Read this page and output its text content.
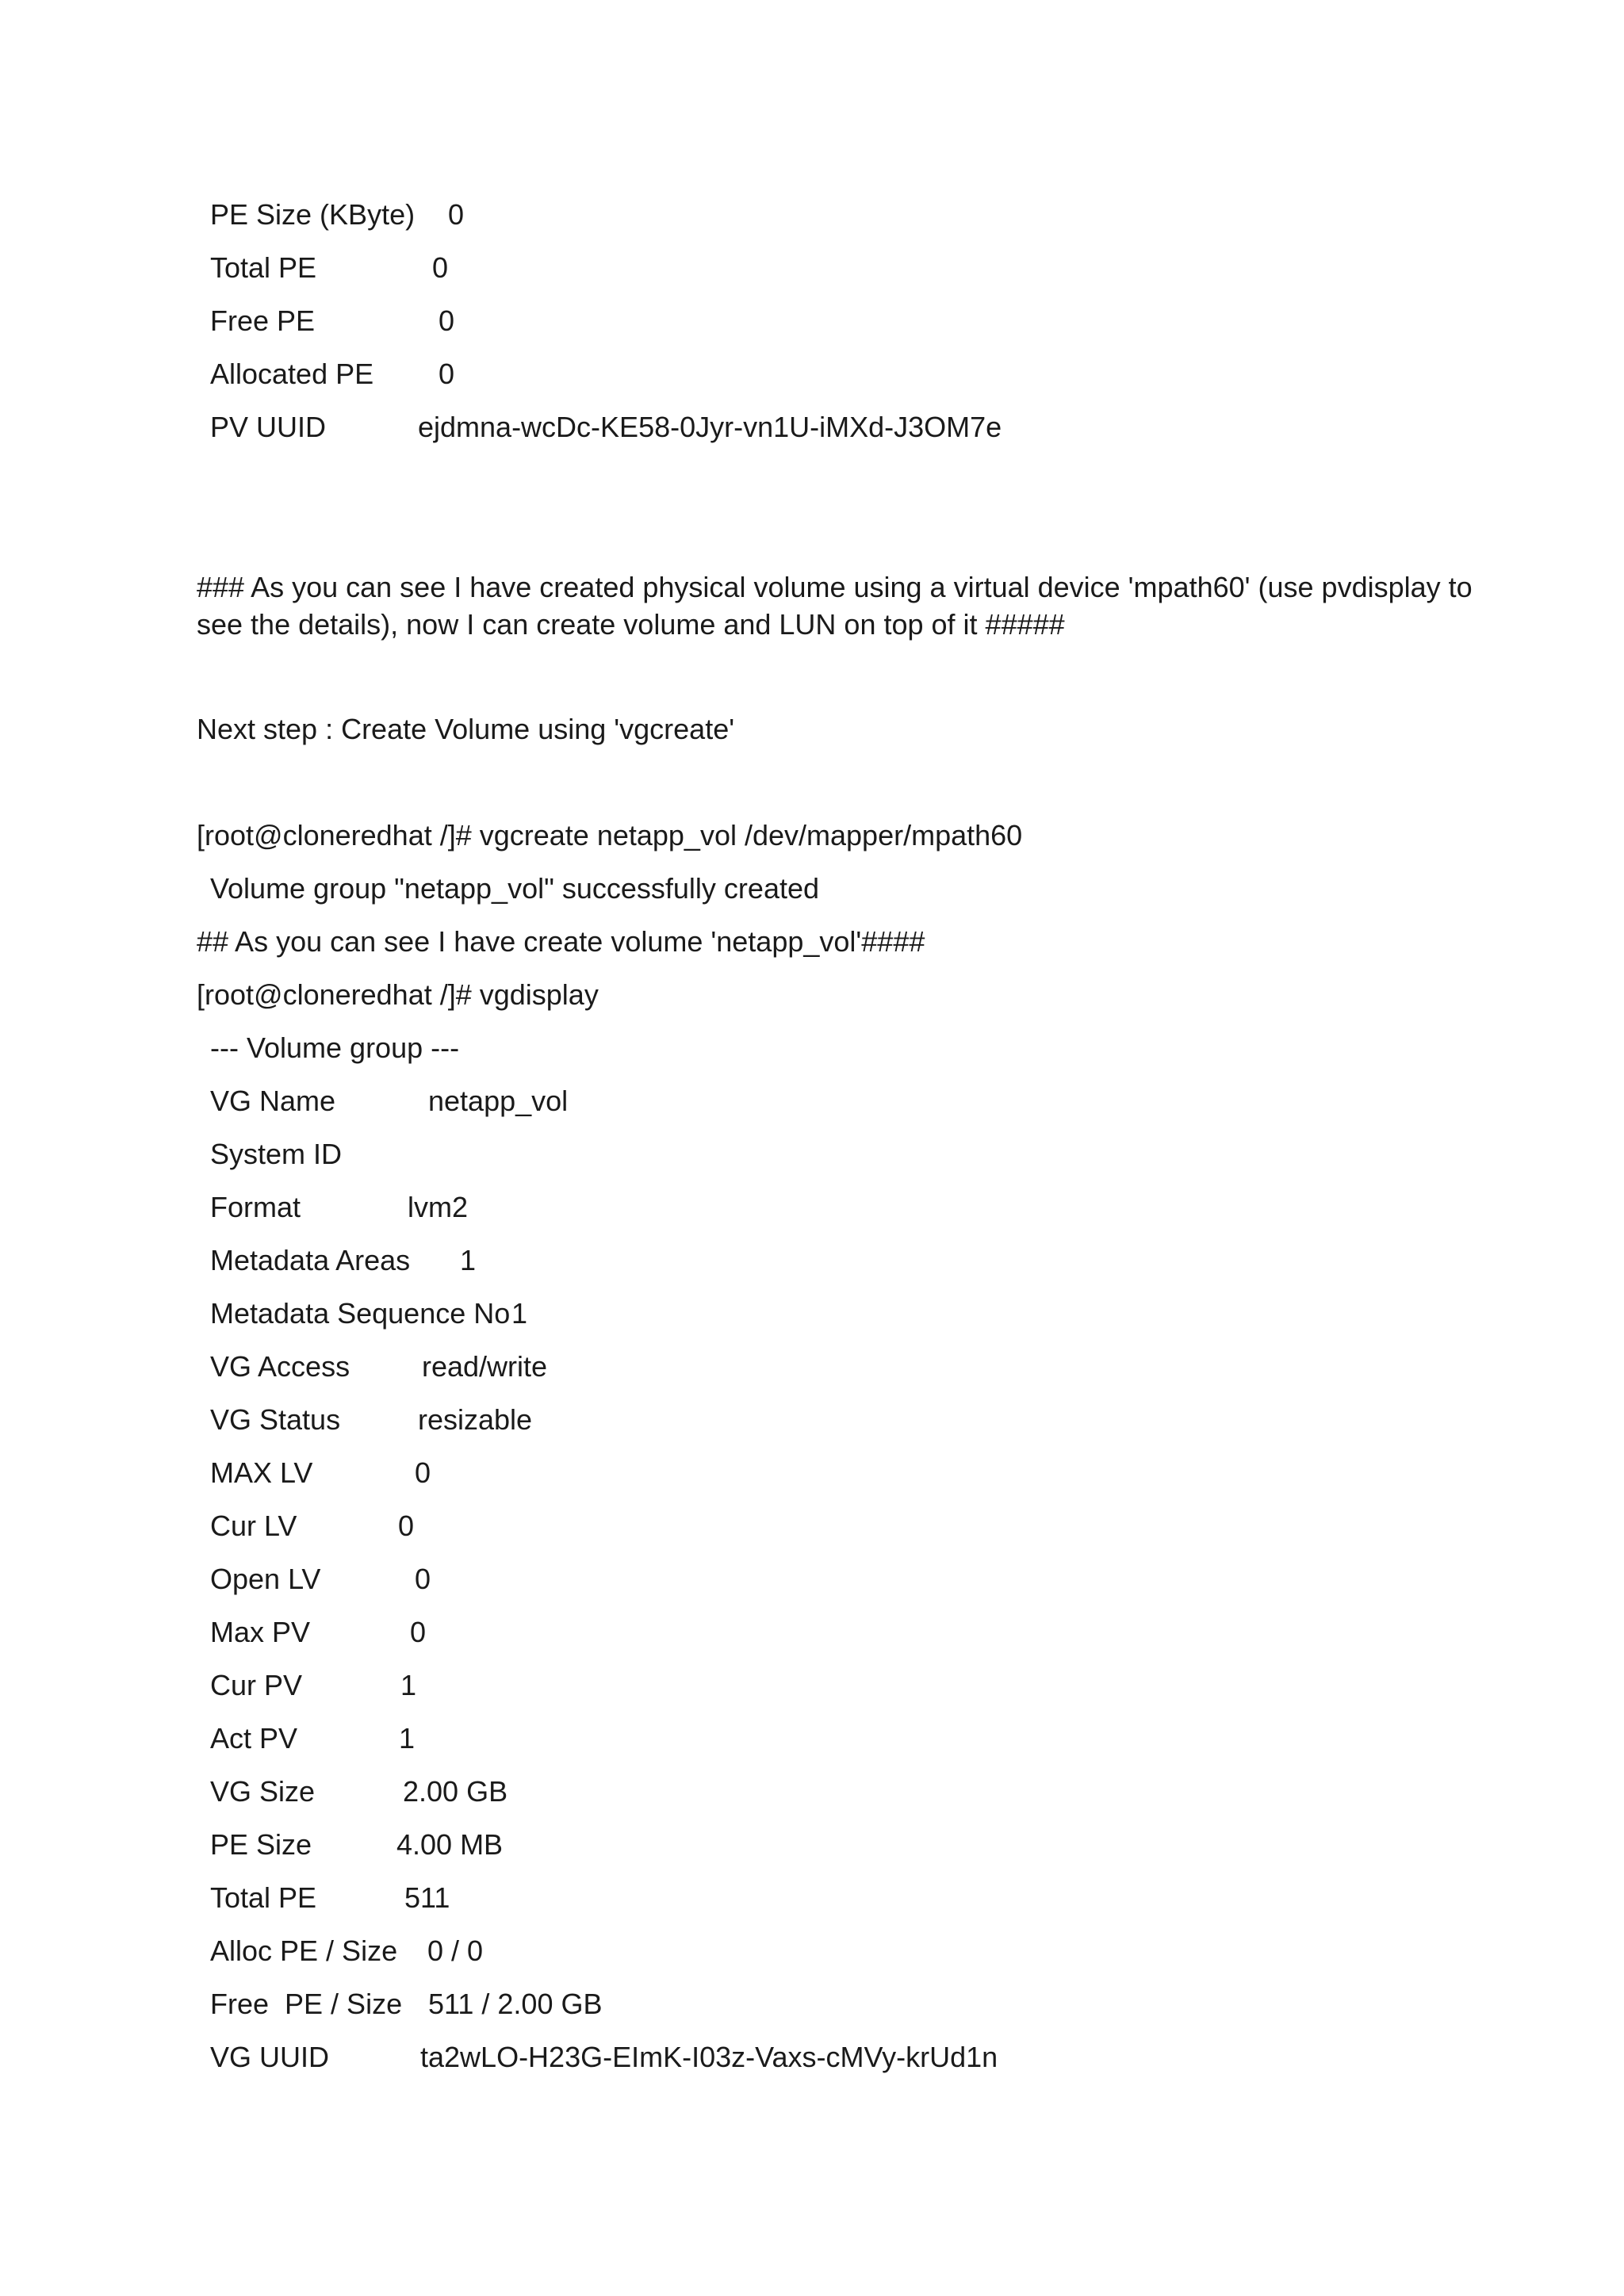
PE Size (KByte) 0
Total PE	0
Free PE	0
Allocated PE 0
PV UUID	ejdmna-wcDc-KE58-0Jyr-vn1U-iMXd-J3OM7e
### As you can see I have created physical volume using a virtual device 'mpath60' (use pvdisplay to see the details), now I can create volume and LUN on top of it #####
Next step : Create Volume using 'vgcreate'
[root@cloneredhat /]# vgcreate netapp_vol /dev/mapper/mpath60
Volume group "netapp_vol" successfully created
## As you can see I have create volume 'netapp_vol'####
[root@cloneredhat /]# vgdisplay
--- Volume group ---
VG Name	netapp_vol
System ID
Format	lvm2
Metadata Areas 1
Metadata Sequence No 1
VG Access	read/write
VG Status	resizable
MAX LV	0
Cur LV	0
Open LV	0
Max PV	0
Cur PV	1
Act PV	1
VG Size	2.00 GB
PE Size	4.00 MB
Total PE	511
Alloc PE / Size 0 / 0
Free  PE / Size 511 / 2.00 GB
VG UUID	ta2wLO-H23G-EImK-I03z-Vaxs-cMVy-krUd1n
